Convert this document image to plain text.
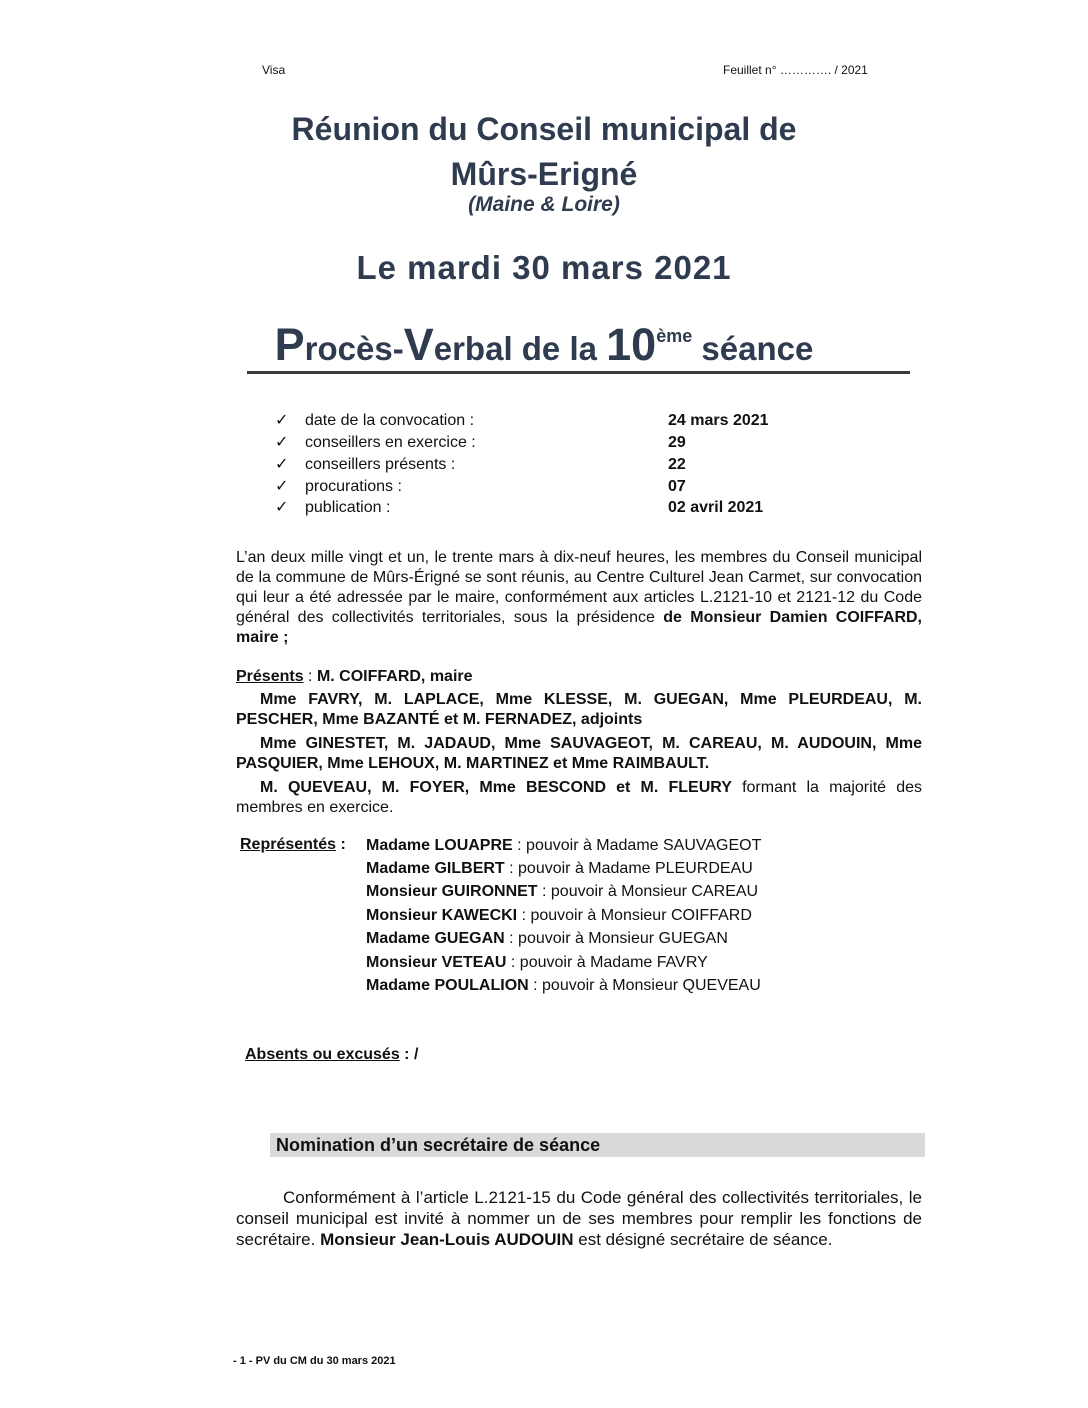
Visa	Feuillet n° …………. / 2021
Réunion du Conseil municipal de
Mûrs-Erigné
(Maine & Loire)
Le mardi 30 mars 2021
Procès-Verbal de la 10ème séance
✓ date de la convocation :	24 mars 2021
✓ conseillers en exercice :	29
✓ conseillers présents :	22
✓ procurations :	07
✓ publication :	02 avril 2021
L’an deux mille vingt et un, le trente mars à dix-neuf heures, les membres du Conseil municipal de la commune de Mûrs-Érigné se sont réunis, au Centre Culturel Jean Carmet, sur convocation qui leur a été adressée par le maire, conformément aux articles L.2121-10 et 2121-12 du Code général des collectivités territoriales, sous la présidence de Monsieur Damien COIFFARD, maire ;
Présents : M. COIFFARD, maire
Mme FAVRY, M. LAPLACE, Mme KLESSE, M. GUEGAN, Mme PLEURDEAU, M. PESCHER, Mme BAZANTÉ et M. FERNADEZ, adjoints
Mme GINESTET, M. JADAUD, Mme SAUVAGEOT, M. CAREAU, M. AUDOUIN, Mme PASQUIER, Mme LEHOUX, M. MARTINEZ et Mme RAIMBAULT.
M. QUEVEAU, M. FOYER, Mme BESCOND et M. FLEURY formant la majorité des membres en exercice.
Représentés : Madame LOUAPRE : pouvoir à Madame SAUVAGEOT
Madame GILBERT : pouvoir à Madame PLEURDEAU
Monsieur GUIRONNET : pouvoir à Monsieur CAREAU
Monsieur KAWECKI : pouvoir à Monsieur COIFFARD
Madame GUEGAN : pouvoir à Monsieur GUEGAN
Monsieur VETEAU : pouvoir à Madame FAVRY
Madame POULALION : pouvoir à Monsieur QUEVEAU
Absents ou excusés : /
Nomination d’un secrétaire de séance
Conformément à l’article L.2121-15 du Code général des collectivités territoriales, le conseil municipal est invité à nommer un de ses membres pour remplir les fonctions de secrétaire. Monsieur Jean-Louis AUDOUIN est désigné secrétaire de séance.
- 1 - PV du CM du 30 mars 2021
